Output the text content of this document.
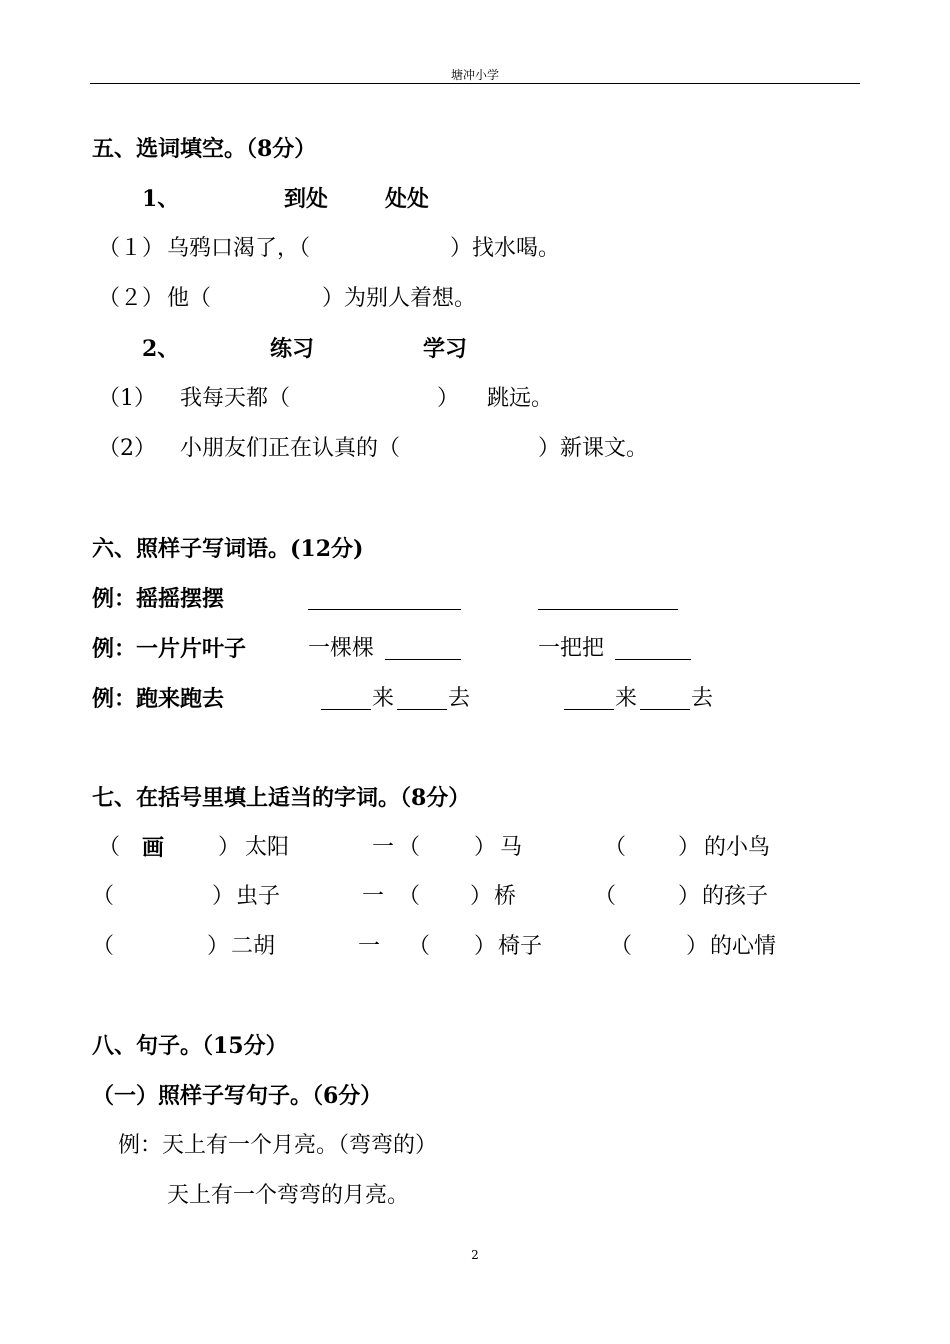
塘冲小学
五、选词填空。（8分）
1、	到处	处处
（１） 乌鸦口渴了，（	）找水喝。
（２） 他（	）为别人着想。
2、	练习	学习
（1） 我每天都（	） 跳远。
（2） 小朋友们正在认真的（	）新课文。
六、照样子写词语。(12分)
例：摇摇摆摆
例：一片片叶子	一棵棵	一把把
例：跑来跑去	来 去	来 去
七、在括号里填上适当的字词。（8分）
（ 画 ） 太阳	一 （ ） 马	（ ） 的小鸟
（	） 虫子	一 （ ） 桥	（	） 的孩子
（	） 二胡	一 （ ） 椅子	（ ） 的心情
八、句子。（15分）
（一）照样子写句子。（6分）
例：天上有一个月亮。（弯弯的）
天上有一个弯弯的月亮。
2
